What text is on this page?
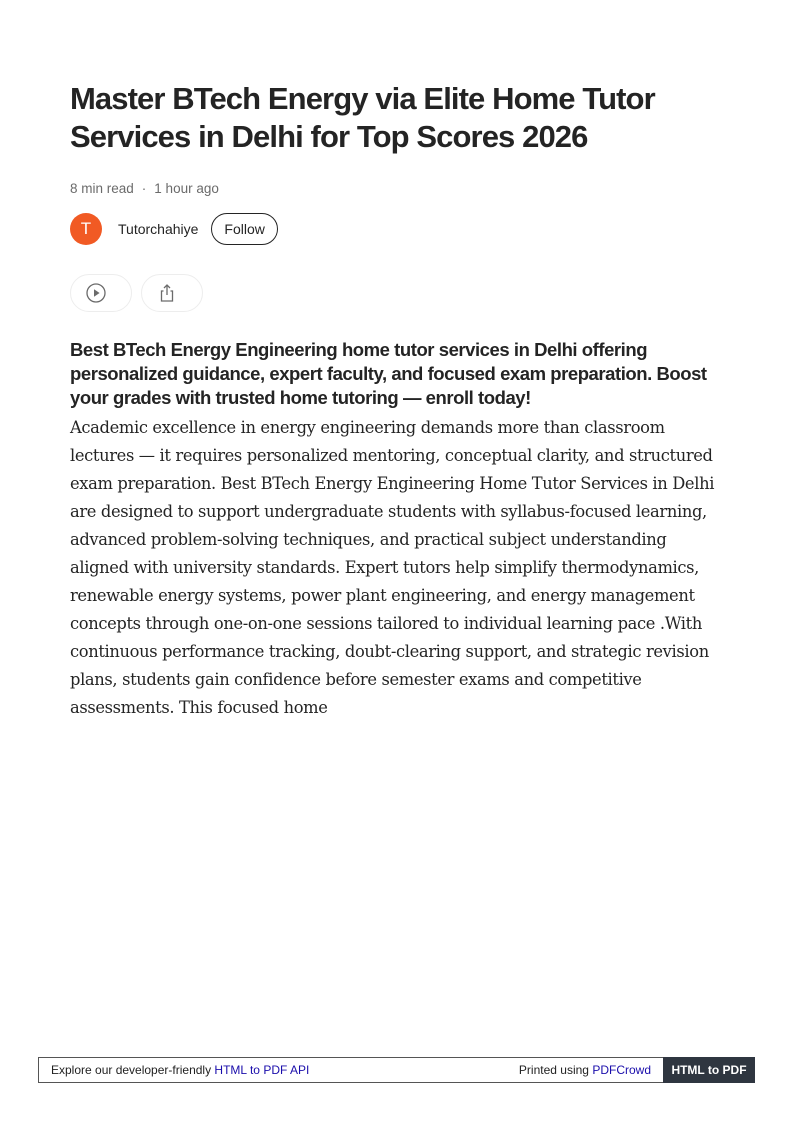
Master BTech Energy via Elite Home Tutor Services in Delhi for Top Scores 2026
8 min read · 1 hour ago
T Tutorchahiye	Follow

Best BTech Energy Engineering home tutor services in Delhi offering personalized guidance, expert faculty, and focused exam preparation. Boost your grades with trusted home tutoring — enroll today!

Academic excellence in energy engineering demands more than classroom lectures — it requires personalized mentoring, conceptual clarity, and structured exam preparation. Best BTech Energy Engineering Home Tutor Services in Delhi are designed to support undergraduate students with syllabus-focused learning, advanced problem-solving techniques, and practical subject understanding aligned with university standards. Expert tutors help simplify thermodynamics, renewable energy systems, power plant engineering, and energy management concepts through one-on-one sessions tailored to individual learning pace .With continuous performance tracking, doubt-clearing support, and strategic revision plans, students gain confidence before semester exams and competitive assessments. This focused home

Explore our developer-friendly HTML to PDF API	Printed using PDFCrowd	HTML to PDF
